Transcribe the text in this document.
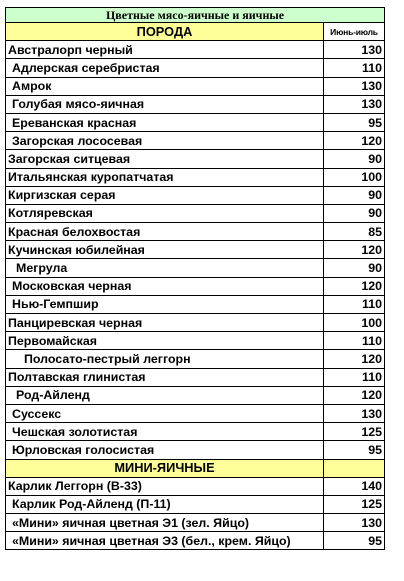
Цветные мясо-яичные и яичные	
ПОРОДА	Июнь-июль
Австралорп черный	130
Адлерская серебристая	110
Амрок	130
Голубая мясо-яичная	130
Ереванская красная	95
Загорская лососевая	120
Загорская ситцевая	90
Итальянская куропатчатая	100
Киргизская серая	90
Котляревская	90
Красная белохвостая	85
Кучинская юбилейная	120
Мегрула	90
Московская черная	120
Нью-Гемпшир	110
Панциревская черная	100
Первомайская	110
Полосато-пестрый леггорн	120
Полтавская глинистая	110
Род-Айленд	120
Суссекс	130
Чешская золотистая	125
Юрловская голосистая	95
МИНИ-ЯИЧНЫЕ	
Карлик Леггорн (В-33)	140
Карлик Род-Айленд (П-11)	125
«Мини» яичная цветная Э1 (зел. Яйцо)	130
«Мини» яичная цветная Э3 (бел., крем. Яйцо)	95
